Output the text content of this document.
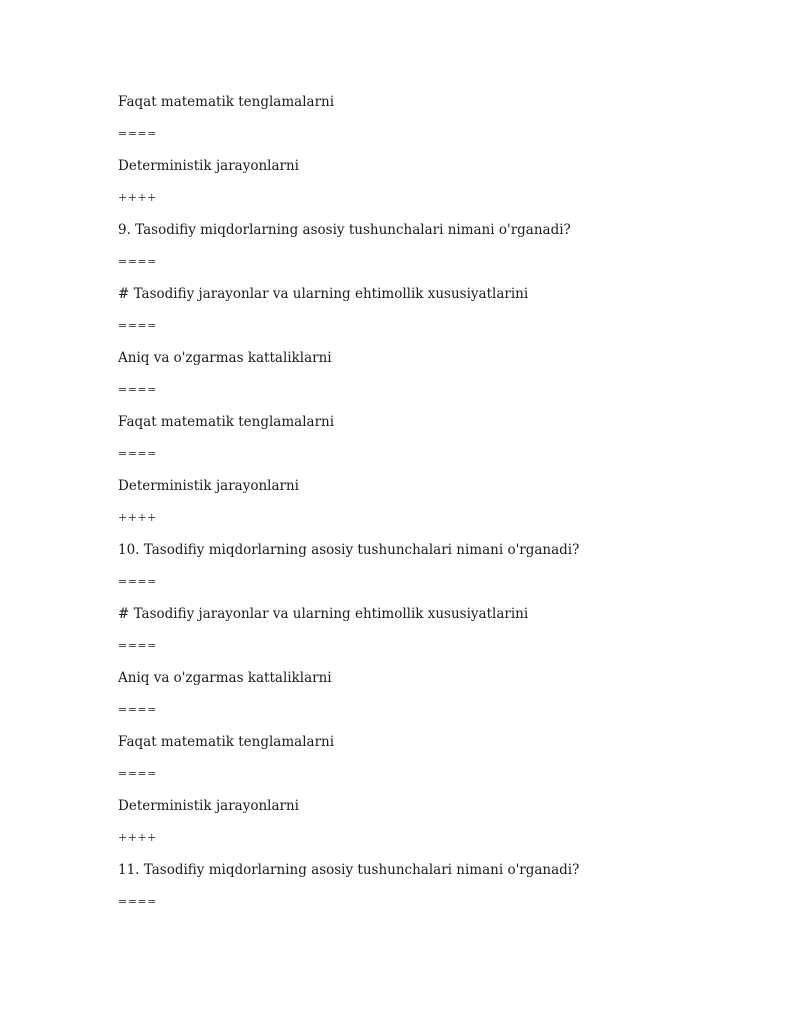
Faqat matematik tenglamalarni
====
Deterministik jarayonlarni
++++
9. Tasodifiy miqdorlarning asosiy tushunchalari nimani o'rganadi?
====
# Tasodifiy jarayonlar va ularning ehtimollik xususiyatlarini
====
Aniq va o'zgarmas kattaliklarni
====
Faqat matematik tenglamalarni
====
Deterministik jarayonlarni
++++
10. Tasodifiy miqdorlarning asosiy tushunchalari nimani o'rganadi?
====
# Tasodifiy jarayonlar va ularning ehtimollik xususiyatlarini
====
Aniq va o'zgarmas kattaliklarni
====
Faqat matematik tenglamalarni
====
Deterministik jarayonlarni
++++
11. Tasodifiy miqdorlarning asosiy tushunchalari nimani o'rganadi?
====
